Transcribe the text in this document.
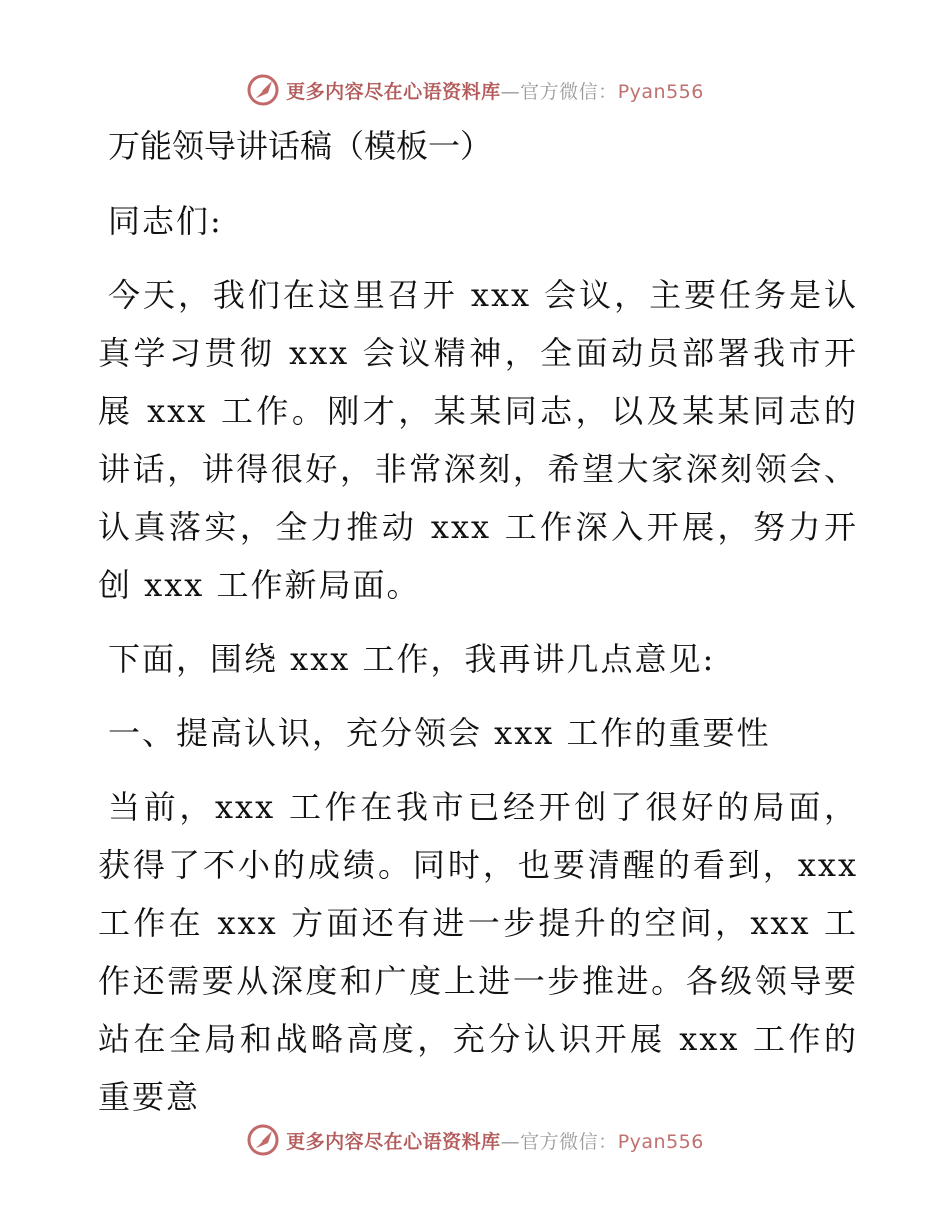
更多内容尽在心语资料库—官方微信：Pyan556
万能领导讲话稿（模板一）

同志们:

今天，我们在这里召开 xxx 会议，主要任务是认真学习贯彻 xxx 会议精神，全面动员部署我市开展 xxx 工作。刚才，某某同志，以及某某同志的讲话，讲得很好，非常深刻，希望大家深刻领会、认真落实，全力推动 xxx 工作深入开展，努力开创 xxx 工作新局面。

下面，围绕 xxx 工作，我再讲几点意见:

一、提高认识，充分领会 xxx 工作的重要性

当前，xxx 工作在我市已经开创了很好的局面，获得了不小的成绩。同时，也要清醒的看到，xxx 工作在 xxx 方面还有进一步提升的空间，xxx 工作还需要从深度和广度上进一步推进。各级领导要站在全局和战略高度，充分认识开展 xxx 工作的重要意

更多内容尽在心语资料库—官方微信：Pyan556
